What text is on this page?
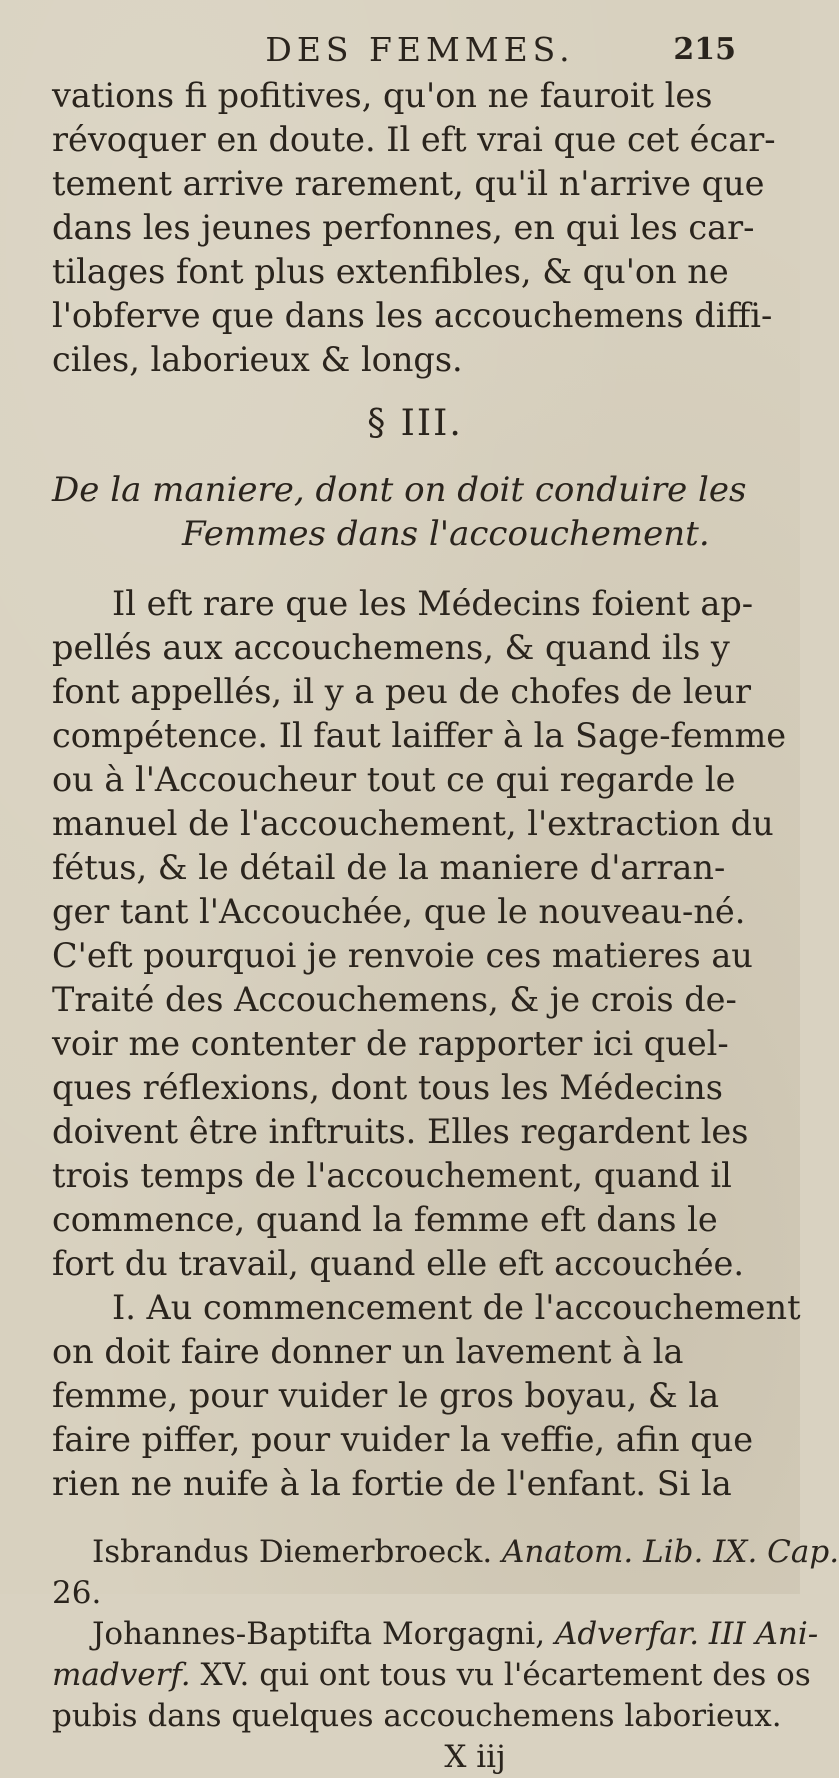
DES FEMMES.	215

vations fi pofitives, qu'on ne fauroit les
révoquer en doute. Il eft vrai que cet écar-
tement arrive rarement, qu'il n'arrive que
dans les jeunes perfonnes, en qui les car-
tilages font plus extenfibles, & qu'on ne
l'obferve que dans les accouchemens diffi-
ciles, laborieux & longs.

§ III.
De la maniere, dont on doit conduire les
Femmes dans l'accouchement.

Il eft rare que les Médecins foient ap-
pellés aux accouchemens, & quand ils y
font appellés, il y a peu de chofes de leur
compétence. Il faut laiffer à la Sage-femme
ou à l'Accoucheur tout ce qui regarde le
manuel de l'accouchement, l'extraction du
fétus, & le détail de la maniere d'arran-
ger tant l'Accouchée, que le nouveau-né.
C'eft pourquoi je renvoie ces matieres au
Traité des Accouchemens, & je crois de-
voir me contenter de rapporter ici quel-
ques réflexions, dont tous les Médecins
doivent être inftruits. Elles regardent les
trois temps de l'accouchement, quand il
commence, quand la femme eft dans le
fort du travail, quand elle eft accouchée.

I. Au commencement de l'accouchement
on doit faire donner un lavement à la
femme, pour vuider le gros boyau, & la
faire piffer, pour vuider la veffie, afin que
rien ne nuife à la fortie de l'enfant. Si la

Isbrandus Diemerbroeck. Anatom. Lib. IX. Cap.
26.
Johannes-Baptifta Morgagni, Adverfar. III Ani-
madverf. XV. qui ont tous vu l'écartement des os
pubis dans quelques accouchemens laborieux.
X iij
